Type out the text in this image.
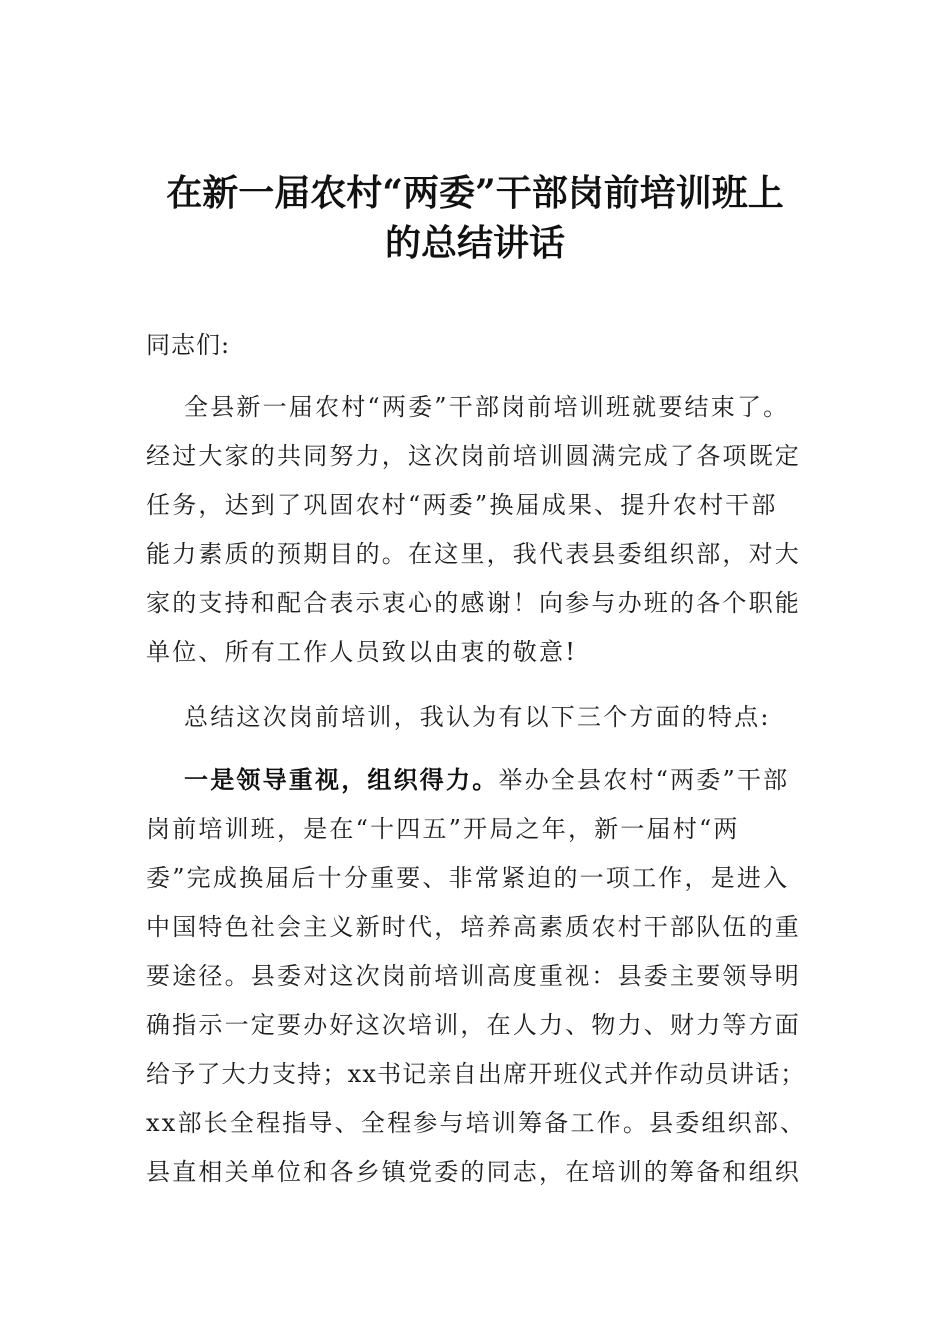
在新一届农村“两委”干部岗前培训班上
的总结讲话
同志们:
全县新一届农村“两委”干部岗前培训班就要结束了。
经过大家的共同努力，这次岗前培训圆满完成了各项既定
任务，达到了巩固农村“两委”换届成果、提升农村干部
能力素质的预期目的。在这里，我代表县委组织部，对大
家的支持和配合表示衷心的感谢！向参与办班的各个职能
单位、所有工作人员致以由衷的敬意!
总结这次岗前培训，我认为有以下三个方面的特点:
一是领导重视，组织得力。举办全县农村“两委”干部
岗前培训班，是在“十四五”开局之年，新一届村“两
委”完成换届后十分重要、非常紧迫的一项工作，是进入
中国特色社会主义新时代，培养高素质农村干部队伍的重
要途径。县委对这次岗前培训高度重视：县委主要领导明
确指示一定要办好这次培训，在人力、物力、财力等方面
给予了大力支持；xx书记亲自出席开班仪式并作动员讲话；
xx部长全程指导、全程参与培训筹备工作。县委组织部、
县直相关单位和各乡镇党委的同志，在培训的筹备和组织
